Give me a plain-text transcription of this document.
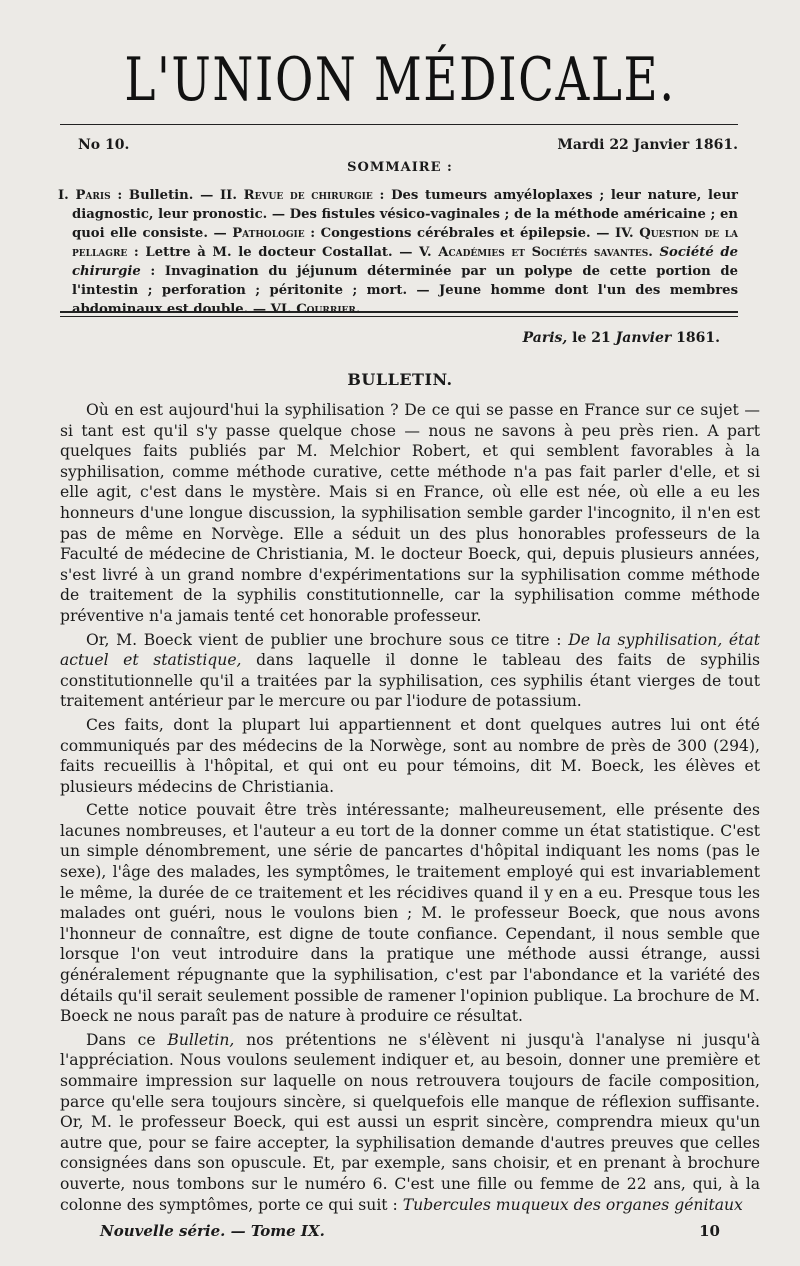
L'UNION MÉDICALE.
No 10.	Mardi 22 Janvier 1861.
SOMMAIRE :

I. Paris : Bulletin. — II. Revue de chirurgie : Des tumeurs amyéloplaxes ; leur nature, leur diagnostic, leur pronostic. — Des fistules vésico-vaginales ; de la méthode américaine ; en quoi elle consiste. — Pathologie : Congestions cérébrales et épilepsie. — IV. Question de la pellagre : Lettre à M. le docteur Costallat. — V. Académies et Sociétés savantes. Société de chirurgie : Invagination du jéjunum déterminée par un polype de cette portion de l'intestin ; perforation ; péritonite ; mort. — Jeune homme dont l'un des membres abdominaux est double. — VI. Courrier.

Paris, le 21 Janvier 1861.
BULLETIN.

Où en est aujourd'hui la syphilisation ? De ce qui se passe en France sur ce sujet — si tant est qu'il s'y passe quelque chose — nous ne savons à peu près rien. A part quelques faits publiés par M. Melchior Robert, et qui semblent favorables à la syphilisation, comme méthode curative, cette méthode n'a pas fait parler d'elle, et si elle agit, c'est dans le mystère. Mais si en France, où elle est née, où elle a eu les honneurs d'une longue discussion, la syphilisation semble garder l'incognito, il n'en est pas de même en Norvège. Elle a séduit un des plus honorables professeurs de la Faculté de médecine de Christiania, M. le docteur Boeck, qui, depuis plusieurs années, s'est livré à un grand nombre d'expérimentations sur la syphilisation comme méthode de traitement de la syphilis constitutionnelle, car la syphilisation comme méthode préventive n'a jamais tenté cet honorable professeur.

Or, M. Boeck vient de publier une brochure sous ce titre : De la syphilisation, état actuel et statistique, dans laquelle il donne le tableau des faits de syphilis constitutionnelle qu'il a traitées par la syphilisation, ces syphilis étant vierges de tout traitement antérieur par le mercure ou par l'iodure de potassium.

Ces faits, dont la plupart lui appartiennent et dont quelques autres lui ont été communiqués par des médecins de la Norwège, sont au nombre de près de 300 (294), faits recueillis à l'hôpital, et qui ont eu pour témoins, dit M. Boeck, les élèves et plusieurs médecins de Christiania.

Cette notice pouvait être très intéressante; malheureusement, elle présente des lacunes nombreuses, et l'auteur a eu tort de la donner comme un état statistique. C'est un simple dénombrement, une série de pancartes d'hôpital indiquant les noms (pas le sexe), l'âge des malades, les symptômes, le traitement employé qui est invariablement le même, la durée de ce traitement et les récidives quand il y en a eu. Presque tous les malades ont guéri, nous le voulons bien ; M. le professeur Boeck, que nous avons l'honneur de connaître, est digne de toute confiance. Cependant, il nous semble que lorsque l'on veut introduire dans la pratique une méthode aussi étrange, aussi généralement répugnante que la syphilisation, c'est par l'abondance et la variété des détails qu'il serait seulement possible de ramener l'opinion publique. La brochure de M. Boeck ne nous paraît pas de nature à produire ce résultat.

Dans ce Bulletin, nos prétentions ne s'élèvent ni jusqu'à l'analyse ni jusqu'à l'appréciation. Nous voulons seulement indiquer et, au besoin, donner une première et sommaire impression sur laquelle on nous retrouvera toujours de facile composition, parce qu'elle sera toujours sincère, si quelquefois elle manque de réflexion suffisante. Or, M. le professeur Boeck, qui est aussi un esprit sincère, comprendra mieux qu'un autre que, pour se faire accepter, la syphilisation demande d'autres preuves que celles consignées dans son opuscule. Et, par exemple, sans choisir, et en prenant à brochure ouverte, nous tombons sur le numéro 6. C'est une fille ou femme de 22 ans, qui, à la colonne des symptômes, porte ce qui suit : Tubercules muqueux des organes génitaux

Nouvelle série. — Tome IX.	10
